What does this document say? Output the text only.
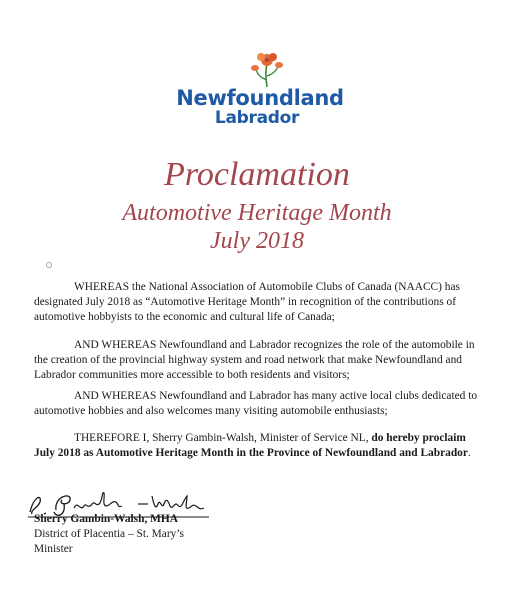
Newfoundland
Labrador
Proclamation
Automotive Heritage Month
July 2018

WHEREAS the National Association of Automobile Clubs of Canada (NAACC) has designated July 2018 as “Automotive Heritage Month” in recognition of the contributions of automotive hobbyists to the economic and cultural life of Canada;

AND WHEREAS Newfoundland and Labrador recognizes the role of the automobile in the creation of the provincial highway system and road network that make Newfoundland and Labrador communities more accessible to both residents and visitors;

AND WHEREAS Newfoundland and Labrador has many active local clubs dedicated to automotive hobbies and also welcomes many visiting automobile enthusiasts;

THEREFORE I, Sherry Gambin-Walsh, Minister of Service NL, do hereby proclaim July 2018 as Automotive Heritage Month in the Province of Newfoundland and Labrador.

Sherry Gambin-Walsh, MHA
District of Placentia – St. Mary’s
Minister
